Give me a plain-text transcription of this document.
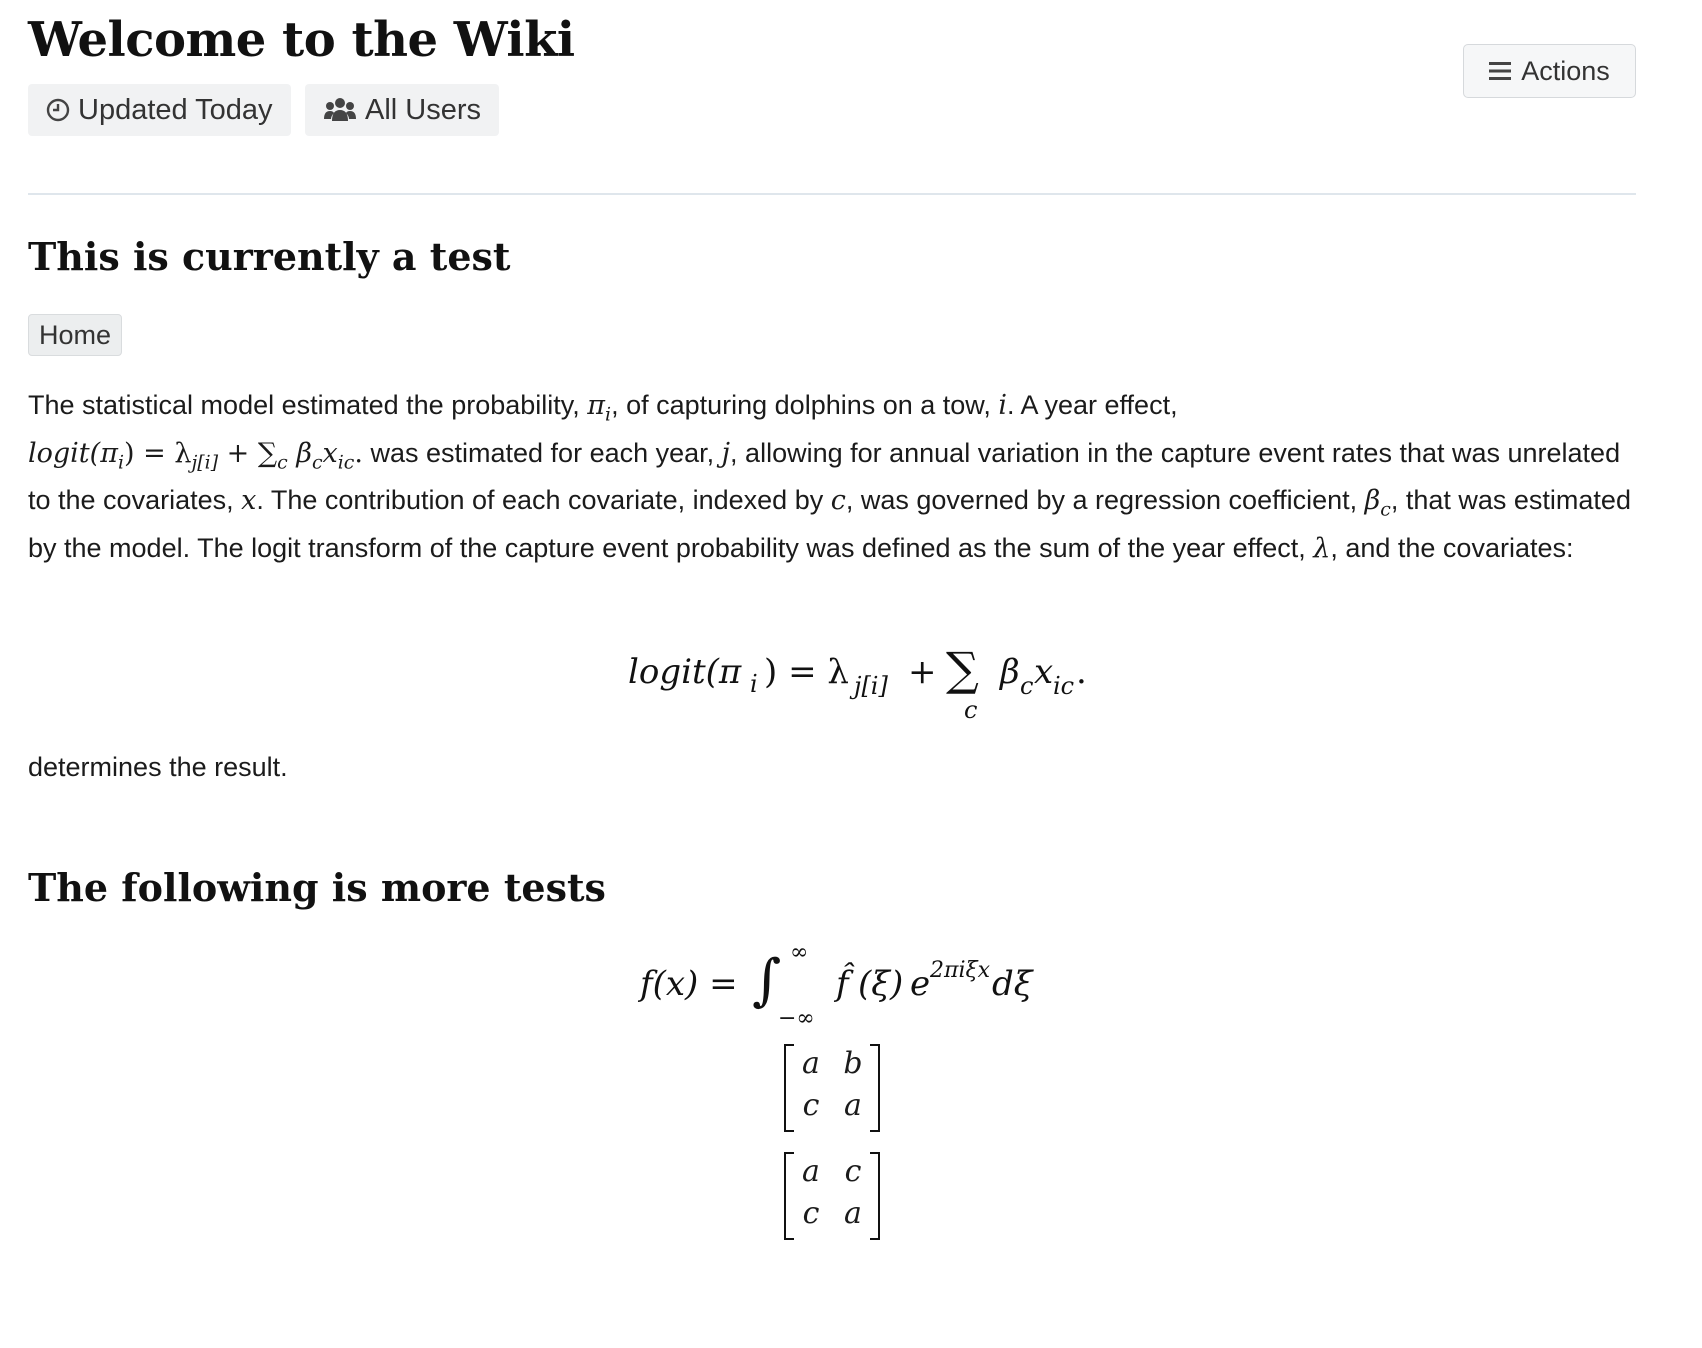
Welcome to the Wiki
Updated Today	All Users
Actions
This is currently a test
Home

The statistical model estimated the probability, $\pi_i$, of capturing dolphins on a tow, i. A year effect,
$logit(\pi_i) = \lambda_{j[i]} + \sum_c$ $\beta_cx_{ic}$. was estimated for each year, j, allowing for annual variation in the capture event rates that was unrelated to the covariates, x. The contribution of each covariate, indexed by c, was governed by a regression coefficient, $\beta_c$, that was estimated by the model. The logit transform of the capture event probability was defined as the sum of the year effect, λ, and the covariates:

logit(π i ) = λ j[i] + ∑
c
β c x ic .

determines the result.

The following is more tests
f(x) = ∫ ∞
−∞
f̂ (ξ) e 2πiξx dξ
a b
c a
a c
c a
